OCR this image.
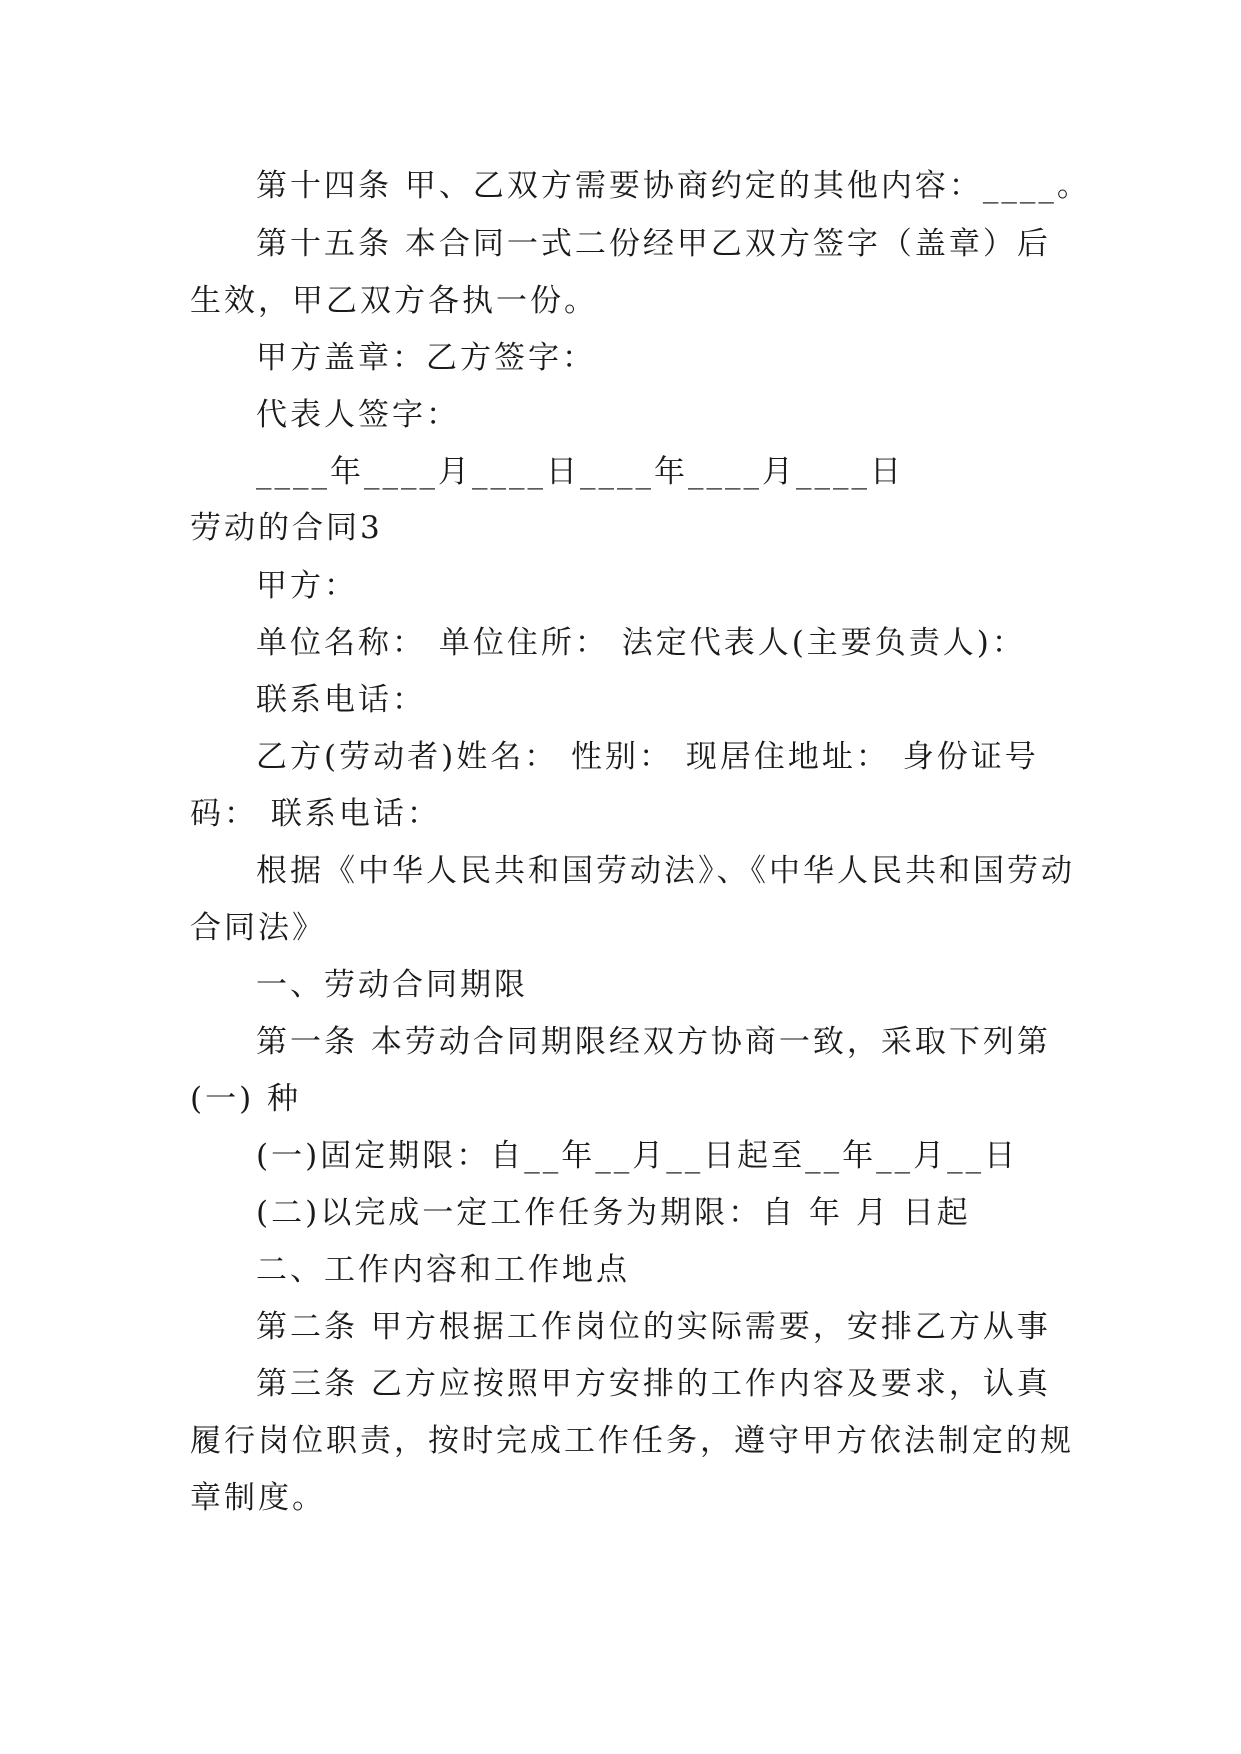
第十四条 甲、乙双方需要协商约定的其他内容：____。
第十五条 本合同一式二份经甲乙双方签字（盖章）后
生效，甲乙双方各执一份。
甲方盖章：乙方签字：
代表人签字：
____年____月____日____年____月____日
劳动的合同3
甲方：
单位名称： 单位住所： 法定代表人(主要负责人)：
联系电话：
乙方(劳动者)姓名： 性别： 现居住地址： 身份证号
码： 联系电话：
根据《中华人民共和国劳动法》、《中华人民共和国劳动
合同法》
一、劳动合同期限
第一条 本劳动合同期限经双方协商一致，采取下列第
(一) 种
(一)固定期限：自__年__月__日起至__年__月__日
(二)以完成一定工作任务为期限：自 年 月 日起
二、工作内容和工作地点
第二条 甲方根据工作岗位的实际需要，安排乙方从事
第三条 乙方应按照甲方安排的工作内容及要求，认真
履行岗位职责，按时完成工作任务，遵守甲方依法制定的规
章制度。
